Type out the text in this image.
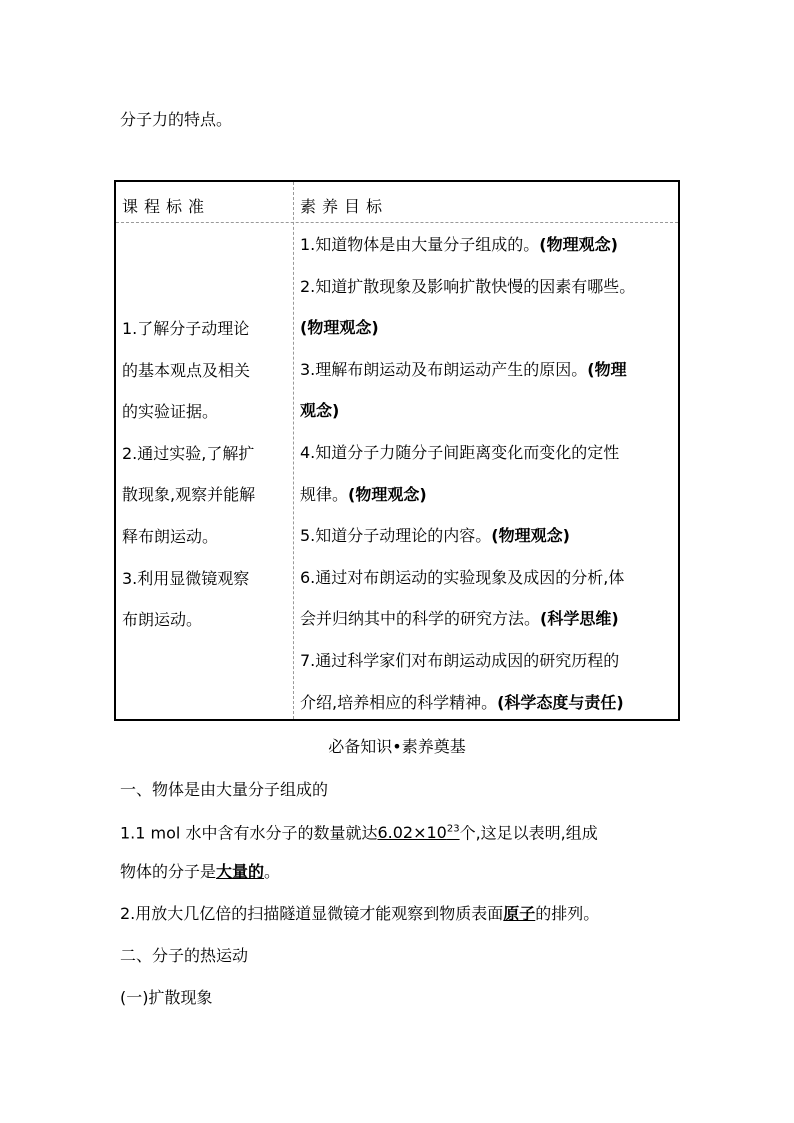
分子力的特点。
课程标准	素养目标
1.了解分子动理论
的基本观点及相关
的实验证据。
2.通过实验,了解扩
散现象,观察并能解
释布朗运动。
3.利用显微镜观察
布朗运动。
1.知道物体是由大量分子组成的。(物理观念)
2.知道扩散现象及影响扩散快慢的因素有哪些。
(物理观念)
3.理解布朗运动及布朗运动产生的原因。(物理
观念)
4.知道分子力随分子间距离变化而变化的定性
规律。(物理观念)
5.知道分子动理论的内容。(物理观念)
6.通过对布朗运动的实验现象及成因的分析,体
会并归纳其中的科学的研究方法。(科学思维)
7.通过科学家们对布朗运动成因的研究历程的
介绍,培养相应的科学精神。(科学态度与责任)
必备知识•素养奠基
一、物体是由大量分子组成的
1.1 mol 水中含有水分子的数量就达$6.02\times 10^{23}$个,这足以表明,组成
物体的分子是大量的。
2.用放大几亿倍的扫描隧道显微镜才能观察到物质表面原子的排列。
二、分子的热运动
(一)扩散现象
